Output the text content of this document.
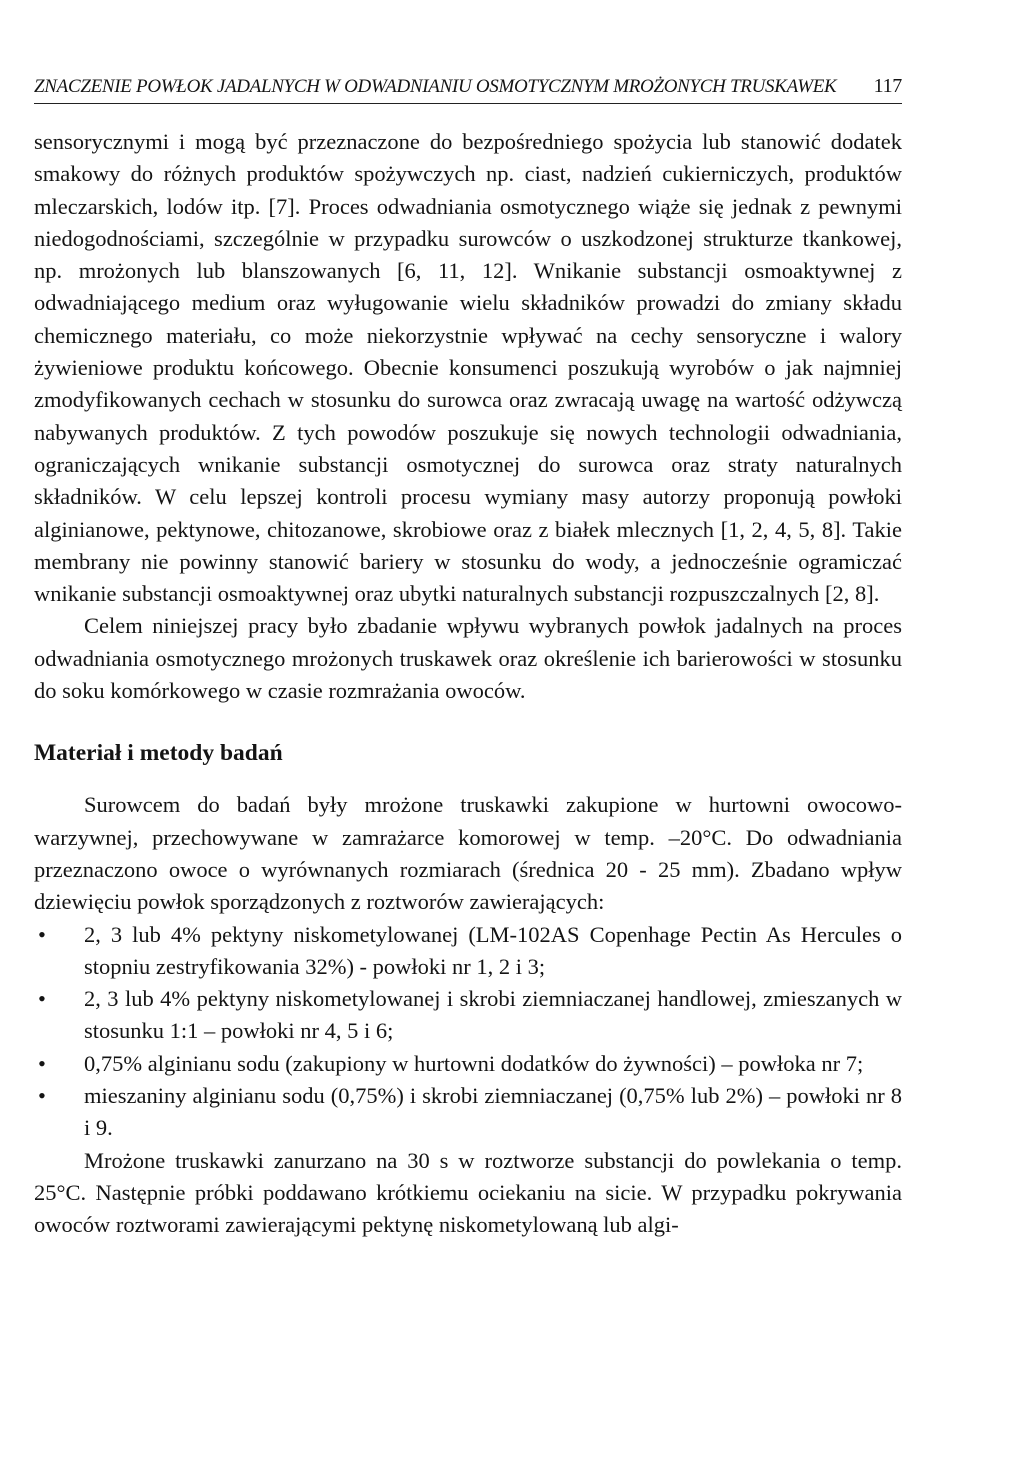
ZNACZENIE POWŁOK JADALNYCH W ODWADNIANIU OSMOTYCZNYM MROŻONYCH TRUSKAWEK 117

sensorycznymi i mogą być przeznaczone do bezpośredniego spożycia lub stanowić dodatek smakowy do różnych produktów spożywczych np. ciast, nadzień cukierniczych, produktów mleczarskich, lodów itp. [7]. Proces odwadniania osmotycznego wiąże się jednak z pewnymi niedogodnościami, szczególnie w przypadku surowców o uszkodzonej strukturze tkankowej, np. mrożonych lub blanszowanych [6, 11, 12]. Wnikanie substancji osmoaktywnej z odwadniającego medium oraz wyługowanie wielu składników prowadzi do zmiany składu chemicznego materiału, co może niekorzystnie wpływać na cechy sensoryczne i walory żywieniowe produktu końcowego. Obecnie konsumenci poszukują wyrobów o jak najmniej zmodyfikowanych cechach w stosunku do surowca oraz zwracają uwagę na wartość odżywczą nabywanych produktów. Z tych powodów poszukuje się nowych technologii odwadniania, ograniczających wnikanie substancji osmotycznej do surowca oraz straty naturalnych składników. W celu lepszej kontroli procesu wymiany masy autorzy proponują powłoki alginianowe, pektynowe, chitozanowe, skrobiowe oraz z białek mlecznych [1, 2, 4, 5, 8]. Takie membrany nie powinny stanowić bariery w stosunku do wody, a jednocześnie ogramiczać wnikanie substancji osmoaktywnej oraz ubytki naturalnych substancji rozpuszczalnych [2, 8].

Celem niniejszej pracy było zbadanie wpływu wybranych powłok jadalnych na proces odwadniania osmotycznego mrożonych truskawek oraz określenie ich barierowości w stosunku do soku komórkowego w czasie rozmrażania owoców.

Materiał i metody badań

Surowcem do badań były mrożone truskawki zakupione w hurtowni owocowo-warzywnej, przechowywane w zamrażarce komorowej w temp. –20°C. Do odwadniania przeznaczono owoce o wyrównanych rozmiarach (średnica 20 - 25 mm). Zbadano wpływ dziewięciu powłok sporządzonych z roztworów zawierających:

• 2, 3 lub 4% pektyny niskometylowanej (LM-102AS Copenhage Pectin As Hercules o stopniu zestryfikowania 32%) - powłoki nr 1, 2 i 3;
• 2, 3 lub 4% pektyny niskometylowanej i skrobi ziemniaczanej handlowej, zmieszanych w stosunku 1:1 – powłoki nr 4, 5 i 6;
• 0,75% alginianu sodu (zakupiony w hurtowni dodatków do żywności) – powłoka nr 7;
• mieszaniny alginianu sodu (0,75%) i skrobi ziemniaczanej (0,75% lub 2%) – powłoki nr 8 i 9.

Mrożone truskawki zanurzano na 30 s w roztworze substancji do powlekania o temp. 25°C. Następnie próbki poddawano krótkiemu ociekaniu na sicie. W przypadku pokrywania owoców roztworami zawierającymi pektynę niskometylowaną lub algi-
